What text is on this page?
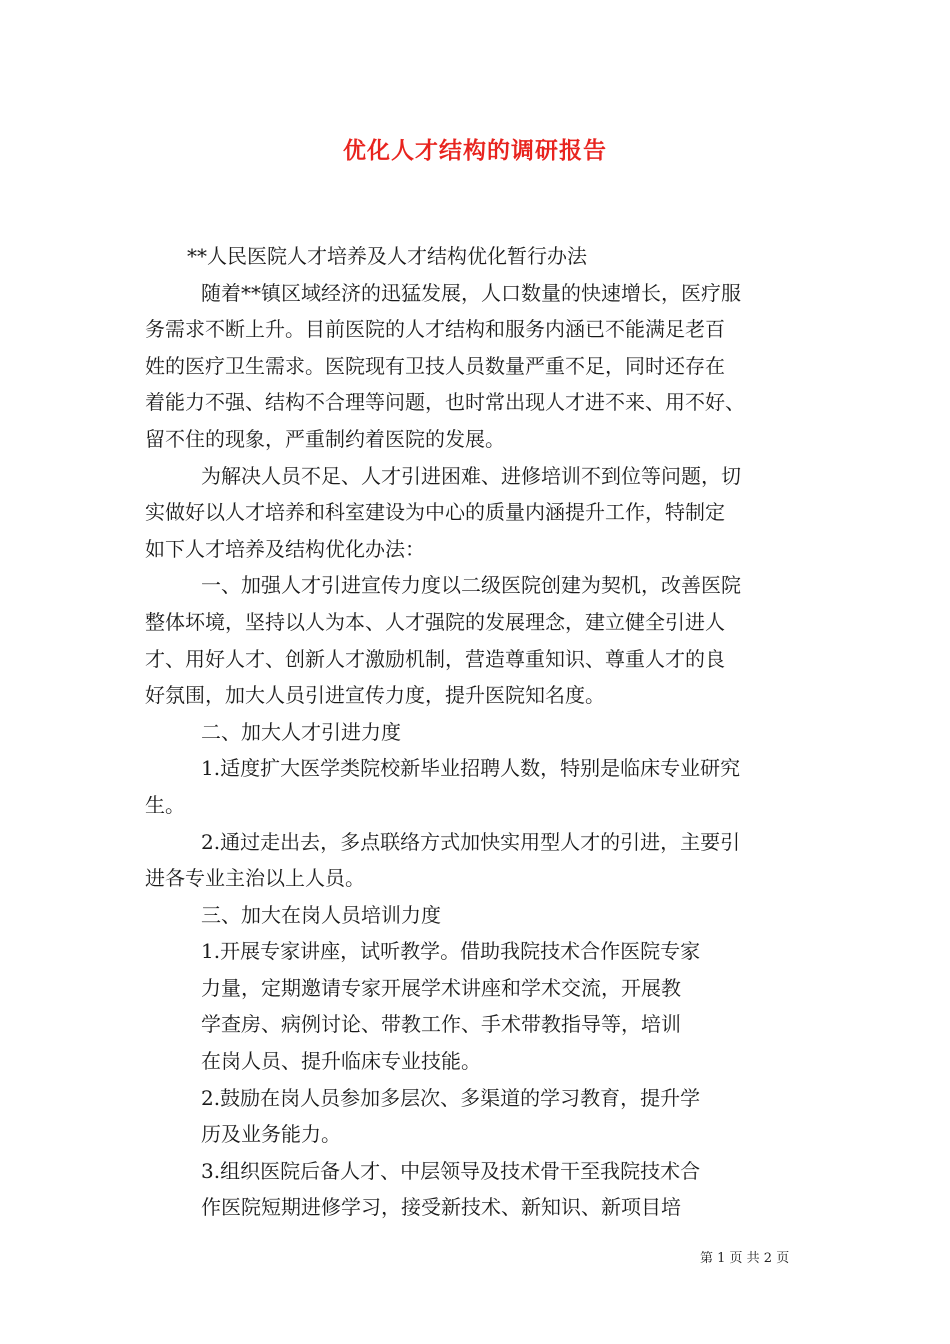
优化人才结构的调研报告
**人民医院人才培养及人才结构优化暂行办法
随着**镇区域经济的迅猛发展，人口数量的快速增长，医疗服
务需求不断上升。目前医院的人才结构和服务内涵已不能满足老百
姓的医疗卫生需求。医院现有卫技人员数量严重不足，同时还存在
着能力不强、结构不合理等问题，也时常出现人才进不来、用不好、
留不住的现象，严重制约着医院的发展。
为解决人员不足、人才引进困难、进修培训不到位等问题，切
实做好以人才培养和科室建设为中心的质量内涵提升工作，特制定
如下人才培养及结构优化办法：
一、加强人才引进宣传力度以二级医院创建为契机，改善医院
整体坏境，坚持以人为本、人才强院的发展理念，建立健全引进人
才、用好人才、创新人才激励机制，营造尊重知识、尊重人才的良
好氛围，加大人员引进宣传力度，提升医院知名度。
二、加大人才引进力度
1.适度扩大医学类院校新毕业招聘人数，特别是临床专业研究
生。
2.通过走出去，多点联络方式加快实用型人才的引进，主要引
进各专业主治以上人员。
三、加大在岗人员培训力度
1.开展专家讲座，试听教学。借助我院技术合作医院专家
力量，定期邀请专家开展学术讲座和学术交流，开展教
学查房、病例讨论、带教工作、手术带教指导等，培训
在岗人员、提升临床专业技能。
2.鼓励在岗人员参加多层次、多渠道的学习教育，提升学
历及业务能力。
3.组织医院后备人才、中层领导及技术骨干至我院技术合
作医院短期进修学习，接受新技术、新知识、新项目培
第 1 页 共 2 页
